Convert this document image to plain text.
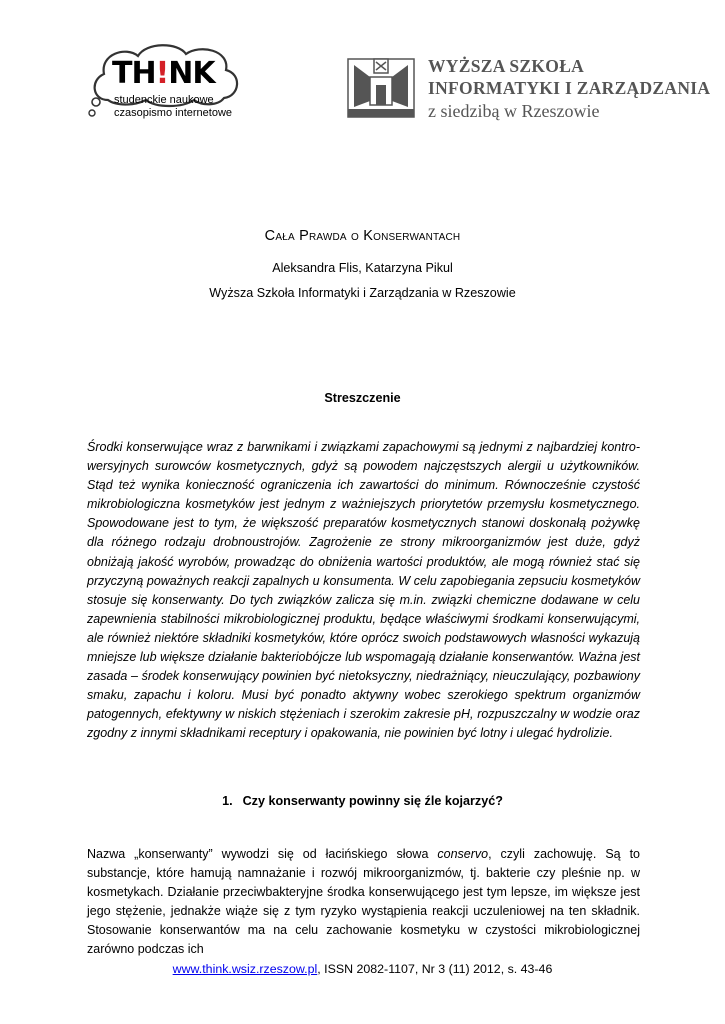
TH!NK
studenckie naukowe
czasopismo internetowe
WYŻSZA SZKOŁA
INFORMATYKI I ZARZĄDZANIA
z siedzibą w Rzeszowie
Cała Prawda o Konserwantach
Aleksandra Flis, Katarzyna Pikul
Wyższa Szkoła Informatyki i Zarządzania w Rzeszowie
Streszczenie
Środki konserwujące wraz z barwnikami i związkami zapachowymi są jednymi z najbardziej kontrowersyjnych surowców kosmetycznych, gdyż są powodem najczęstszych alergii u użytkowników. Stąd też wynika konieczność ograniczenia ich zawartości do minimum. Równocześnie czystość mikrobiologiczna kosmetyków jest jednym z ważniejszych priorytetów przemysłu kosmetycznego. Spowodowane jest to tym, że większość preparatów kosmetycznych stanowi doskonałą pożywkę dla różnego rodzaju drobnoustrojów. Zagrożenie ze strony mikroorganizmów jest duże, gdyż obniżają jakość wyrobów, prowadząc do obniżenia wartości produktów, ale mogą również stać się przyczyną poważnych reakcji zapalnych u konsumenta. W celu zapobiegania zepsuciu kosmetyków stosuje się konserwanty. Do tych związków zalicza się m.in. związki chemiczne dodawane w celu zapewnienia stabilności mikrobiologicznej produktu, będące właściwymi środkami konserwującymi, ale również niektóre składniki kosmetyków, które oprócz swoich podstawowych własności wykazują mniejsze lub większe działanie bakteriobójcze lub wspomagają działanie konserwantów. Ważna jest zasada – środek konserwujący powinien być nietoksyczny, niedrażniący, nieuczulający, pozbawiony smaku, zapachu i koloru. Musi być ponadto aktywny wobec szerokiego spektrum organizmów patogennych, efektywny w niskich stężeniach i szerokim zakresie pH, rozpuszczalny w wodzie oraz zgodny z innymi składnikami receptury i opakowania, nie powinien być lotny i ulegać hydrolizie.
1. Czy konserwanty powinny się źle kojarzyć?
Nazwa „konserwanty” wywodzi się od łacińskiego słowa conservo, czyli zachowuję. Są to substancje, które hamują namnażanie i rozwój mikroorganizmów, tj. bakterie czy pleśnie np. w kosmetykach. Działanie przeciwbakteryjne środka konserwującego jest tym lepsze, im większe jest jego stężenie, jednakże wiąże się z tym ryzyko wystąpienia reakcji uczuleniowej na ten składnik. Stosowanie konserwantów ma na celu zachowanie kosmetyku w czystości mikrobiologicznej zarówno podczas ich
www.think.wsiz.rzeszow.pl, ISSN 2082-1107, Nr 3 (11) 2012, s. 43-46
